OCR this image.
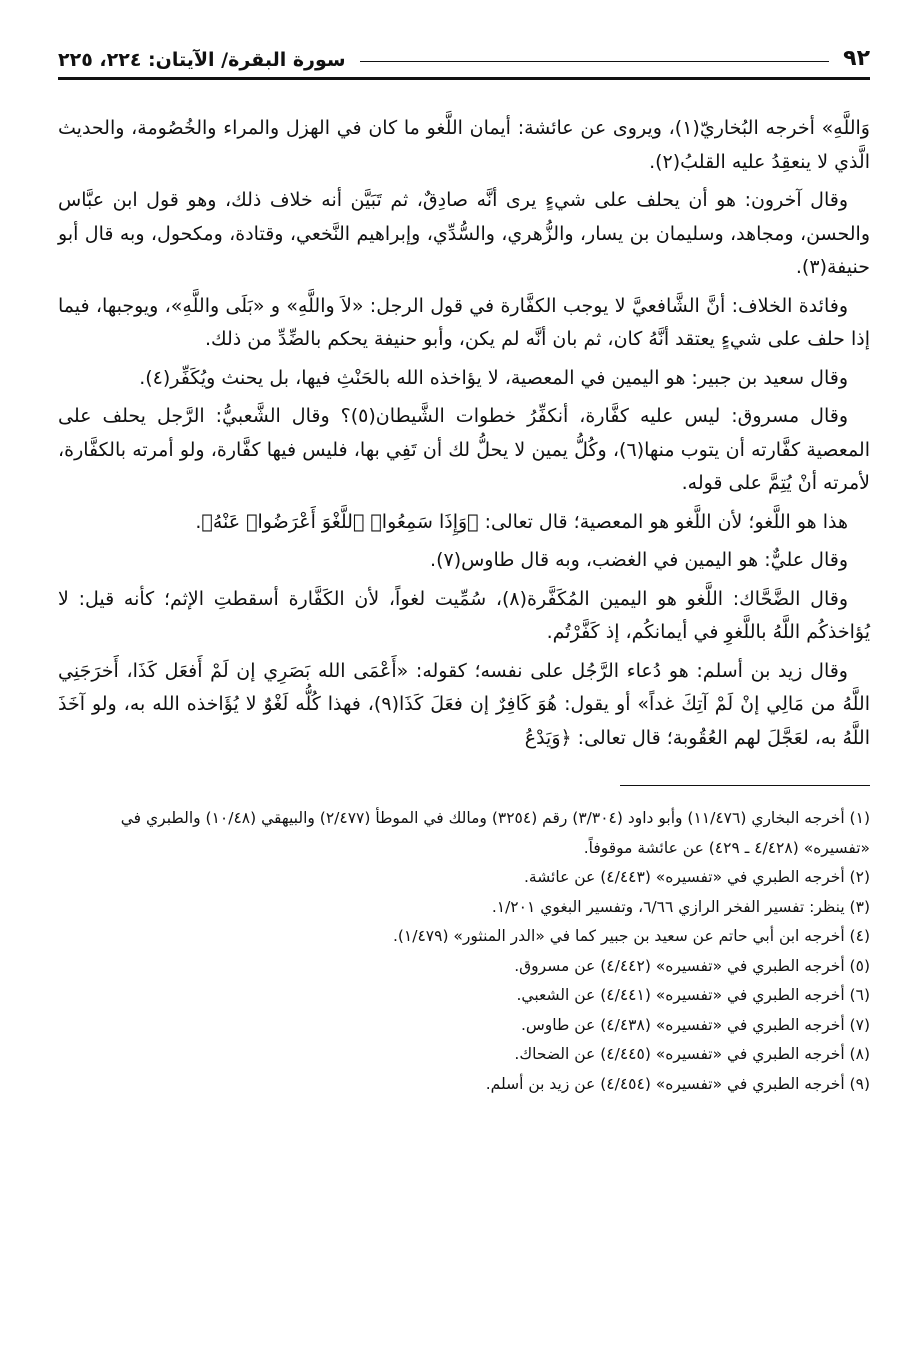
٩٢
سورة البقرة/ الآيتان: ٢٢٤، ٢٢٥

وَاللَّهِ» أخرجه البُخاريّ(١)، ويروى عن عائشة: أيمان اللَّغو ما كان في الهزل والمراء والخُصُومة، والحديث الَّذي لا ينعقِدُ عليه القلبُ(٢).

وقال آخرون: هو أن يحلف على شيءٍ يرى أنَّه صادِقٌ، ثم تَبَيَّن أنه خلاف ذلك، وهو قول ابن عبَّاس والحسن، ومجاهد، وسليمان بن يسار، والزُّهري، والسُّدِّي، وإبراهيم النَّخعي، وقتادة، ومكحول، وبه قال أبو حنيفة(٣).

وفائدة الخلاف: أنَّ الشَّافعيَّ لا يوجب الكفَّارة في قول الرجل: «لاَ واللَّهِ» و «بَلَى واللَّهِ»، ويوجبها، فيما إذا حلف على شيءٍ يعتقد أنَّهُ كان، ثم بان أنَّه لم يكن، وأبو حنيفة يحكم بالضِّدِّ من ذلك.

وقال سعيد بن جبير: هو اليمين في المعصية، لا يؤاخذه الله بالحَنْثِ فيها، بل يحنث ويُكَفِّر(٤).

وقال مسروق: ليس عليه كفَّارة، أنكفِّرُ خطوات الشَّيطان(٥)؟ وقال الشَّعبيُّ: الرَّجل يحلف على المعصية كفَّارته أن يتوب منها(٦)، وكُلُّ يمين لا يحلُّ لك أن تَفِي بها، فليس فيها كفَّارة، ولو أمرته بالكفَّارة، لأمرته أنْ يُتِمَّ على قوله.

هذا هو اللَّغو؛ لأن اللَّغو هو المعصية؛ قال تعالى: ﴿وَإِذَا سَمِعُوا۟ ٱللَّغْوَ أَعْرَضُوا۟ عَنْهُ﴾.

وقال عليٌّ: هو اليمين في الغضب، وبه قال طاوس(٧).

وقال الضَّحَّاك: اللَّغو هو اليمين المُكَفَّرة(٨)، سُمِّيت لغواً، لأن الكَفَّارة أسقطتِ الإثم؛ كأنه قيل: لا يُؤاخذكُم اللَّهُ باللَّغوِ في أيمانكُم، إذ كَفَّرْتُم.

وقال زيد بن أسلم: هو دُعاء الرَّجُل على نفسه؛ كقوله: «أَعْمَى الله بَصَرِي إن لَمْ أَفعَل كَذَا، أَخرَجَنِي اللَّهُ من مَالِي إنْ لَمْ آتِكَ غداً» أو يقول: هُوَ كَافِرٌ إن فعَلَ كَذَا(٩)، فهذا كُلُّه لَغْوٌ لا يُؤَاخذه الله به، ولو آخَذَ اللَّهُ به، لعَجَّلَ لهم العُقُوبة؛ قال تعالى: ﴿وَيَدْعُ

(١) أخرجه البخاري (١١/٤٧٦) وأبو داود (٣/٣٠٤) رقم (٣٢٥٤) ومالك في الموطأ (٢/٤٧٧) والبيهقي (١٠/٤٨) والطبري في «تفسيره» (٤/٤٢٨ ـ ٤٢٩) عن عائشة موقوفاً.

(٢) أخرجه الطبري في «تفسيره» (٤/٤٤٣) عن عائشة.

(٣) ينظر: تفسير الفخر الرازي ٦/٦٦، وتفسير البغوي ١/٢٠١.

(٤) أخرجه ابن أبي حاتم عن سعيد بن جبير كما في «الدر المنثور» (١/٤٧٩).

(٥) أخرجه الطبري في «تفسيره» (٤/٤٤٢) عن مسروق.

(٦) أخرجه الطبري في «تفسيره» (٤/٤٤١) عن الشعبي.

(٧) أخرجه الطبري في «تفسيره» (٤/٤٣٨) عن طاوس.

(٨) أخرجه الطبري في «تفسيره» (٤/٤٤٥) عن الضحاك.

(٩) أخرجه الطبري في «تفسيره» (٤/٤٥٤) عن زيد بن أسلم.
